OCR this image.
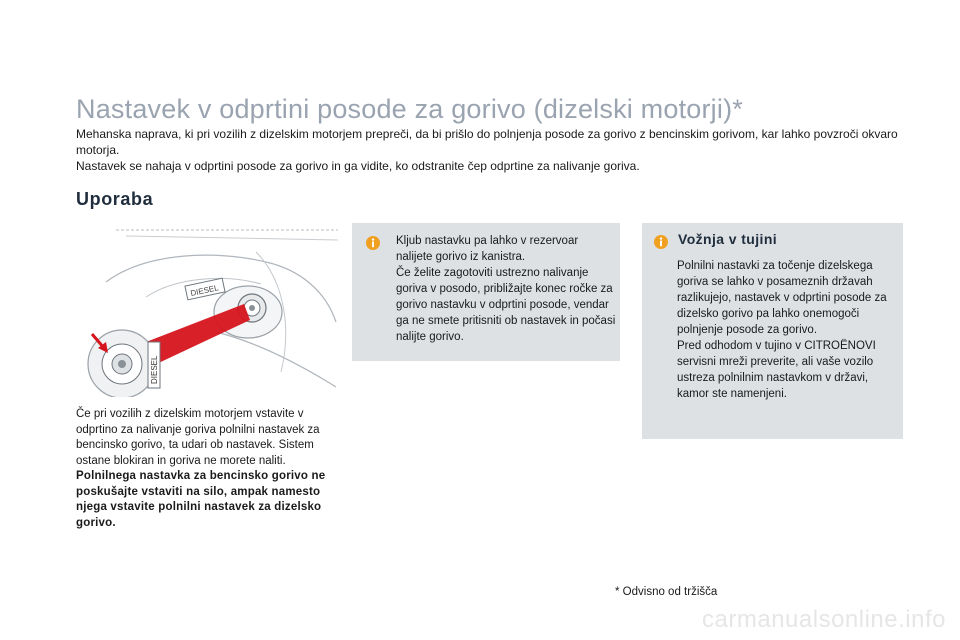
Nastavek v odprtini posode za gorivo (dizelski motorji)*

Mehanska naprava, ki pri vozilih z dizelskim motorjem prepreči, da bi prišlo do polnjenja posode za gorivo z bencinskim gorivom, kar lahko povzroči okvaro motorja.

Nastavek se nahaja v odprtini posode za gorivo in ga vidite, ko odstranite čep odprtine za nalivanje goriva.

Uporaba
DIESEL
DIESEL

Če pri vozilih z dizelskim motorjem vstavite v odprtino za nalivanje goriva polnilni nastavek za bencinsko gorivo, ta udari ob nastavek. Sistem ostane blokiran in goriva ne morete naliti.

Polnilnega nastavka za bencinsko gorivo ne poskušajte vstaviti na silo, ampak namesto njega vstavite polnilni nastavek za dizelsko gorivo.

Kljub nastavku pa lahko v rezervoar nalijete gorivo iz kanistra.

Če želite zagotoviti ustrezno nalivanje goriva v posodo, približajte konec ročke za gorivo nastavku v odprtini posode, vendar ga ne smete pritisniti ob nastavek in počasi nalijte gorivo.

Vožnja v tujini

Polnilni nastavki za točenje dizelskega goriva se lahko v posameznih državah razlikujejo, nastavek v odprtini posode za dizelsko gorivo pa lahko onemogoči polnjenje posode za gorivo.

Pred odhodom v tujino v CITROËNOVI servisni mreži preverite, ali vaše vozilo ustreza polnilnim nastavkom v državi, kamor ste namenjeni.

* Odvisno od tržišča
carmanualsonline.info
